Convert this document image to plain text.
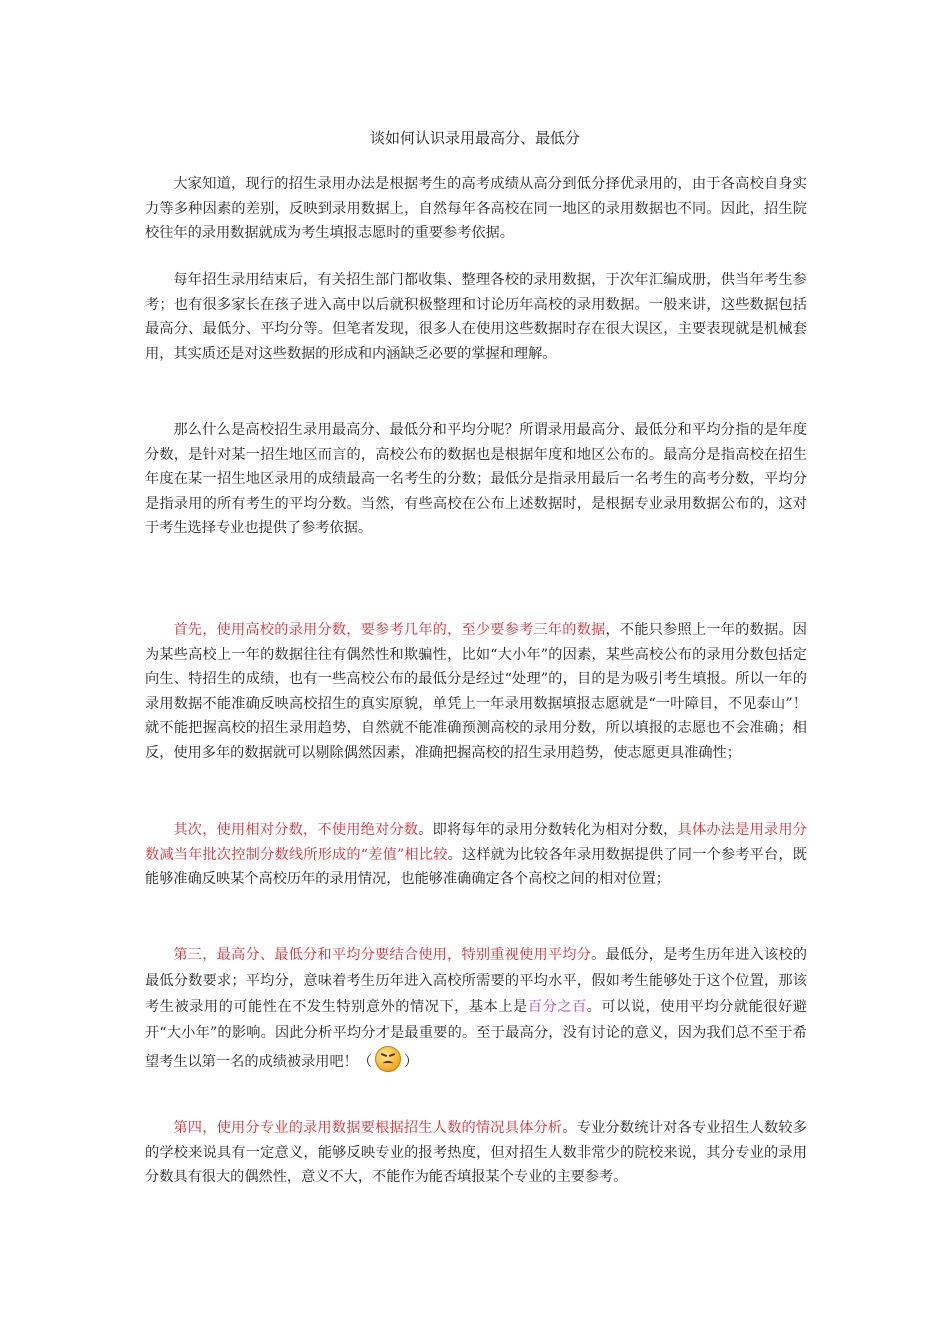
谈如何认识录用最高分、最低分

大家知道，现行的招生录用办法是根据考生的高考成绩从高分到低分择优录用的，由于各高校自身实力等多种因素的差别，反映到录用数据上，自然每年各高校在同一地区的录用数据也不同。因此，招生院校往年的录用数据就成为考生填报志愿时的重要参考依据。

每年招生录用结束后，有关招生部门都收集、整理各校的录用数据，于次年汇编成册，供当年考生参考；也有很多家长在孩子进入高中以后就积极整理和讨论历年高校的录用数据。一般来讲，这些数据包括最高分、最低分、平均分等。但笔者发现，很多人在使用这些数据时存在很大误区，主要表现就是机械套用，其实质还是对这些数据的形成和内涵缺乏必要的掌握和理解。

那么什么是高校招生录用最高分、最低分和平均分呢？所谓录用最高分、最低分和平均分指的是年度分数，是针对某一招生地区而言的，高校公布的数据也是根据年度和地区公布的。最高分是指高校在招生年度在某一招生地区录用的成绩最高一名考生的分数；最低分是指录用最后一名考生的高考分数，平均分是指录用的所有考生的平均分数。当然，有些高校在公布上述数据时，是根据专业录用数据公布的，这对于考生选择专业也提供了参考依据。

首先，使用高校的录用分数，要参考几年的，至少要参考三年的数据，不能只参照上一年的数据。因为某些高校上一年的数据往往有偶然性和欺骗性，比如“大小年”的因素，某些高校公布的录用分数包括定向生、特招生的成绩，也有一些高校公布的最低分是经过“处理”的，目的是为吸引考生填报。所以一年的录用数据不能准确反映高校招生的真实原貌，单凭上一年录用数据填报志愿就是“一叶障目，不见泰山”！就不能把握高校的招生录用趋势，自然就不能准确预测高校的录用分数，所以填报的志愿也不会准确；相反，使用多年的数据就可以剔除偶然因素，准确把握高校的招生录用趋势，使志愿更具准确性；

其次，使用相对分数，不使用绝对分数。即将每年的录用分数转化为相对分数，具体办法是用录用分数减当年批次控制分数线所形成的“差值”相比较。这样就为比较各年录用数据提供了同一个参考平台，既能够准确反映某个高校历年的录用情况，也能够准确确定各个高校之间的相对位置；

第三，最高分、最低分和平均分要结合使用，特别重视使用平均分。最低分，是考生历年进入该校的最低分数要求；平均分，意味着考生历年进入高校所需要的平均水平，假如考生能够处于这个位置，那该考生被录用的可能性在不发生特别意外的情况下，基本上是百分之百。可以说，使用平均分就能很好避开“大小年”的影响。因此分析平均分才是最重要的。至于最高分，没有讨论的意义，因为我们总不至于希望考生以第一名的成绩被录用吧！（ ）

第四，使用分专业的录用数据要根据招生人数的情况具体分析。专业分数统计对各专业招生人数较多的学校来说具有一定意义，能够反映专业的报考热度，但对招生人数非常少的院校来说，其分专业的录用分数具有很大的偶然性，意义不大，不能作为能否填报某个专业的主要参考。
